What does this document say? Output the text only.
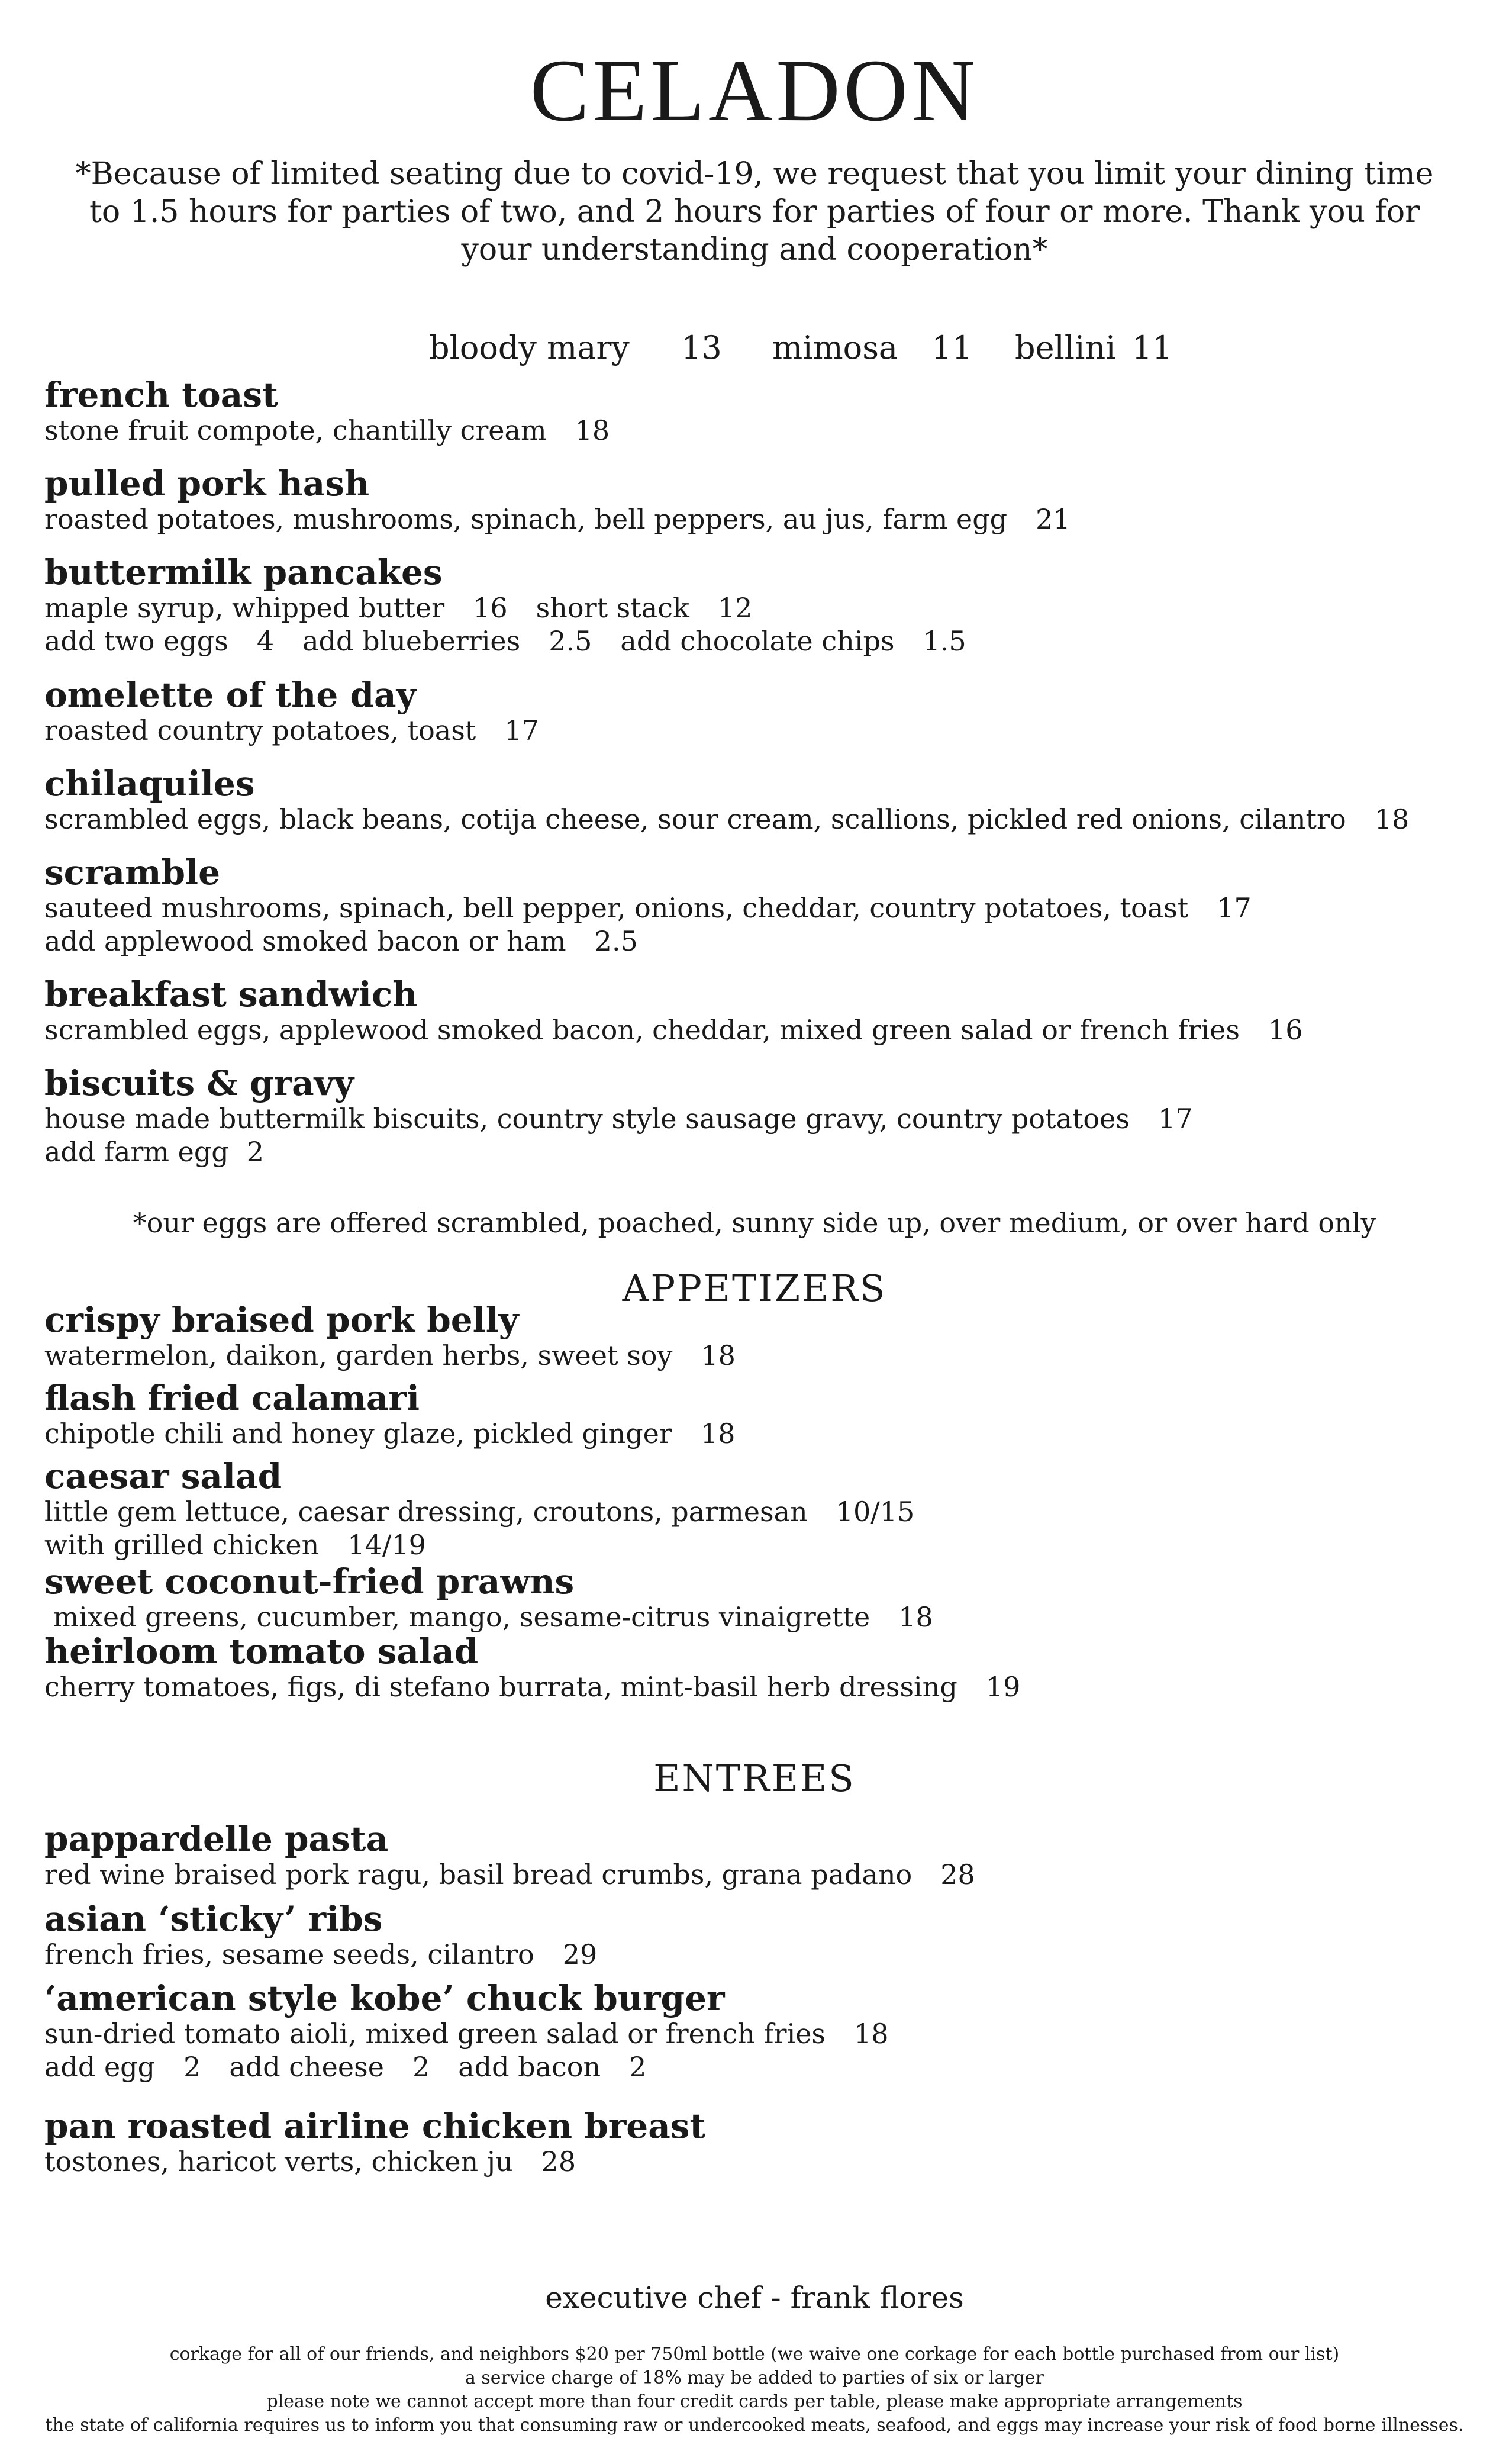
CELADON
*Because of limited seating due to covid-19, we request that you limit your dining time to 1.5 hours for parties of two, and 2 hours for parties of four or more. Thank you for your understanding and cooperation*
bloody mary 13 mimosa 11 bellini 11
french toast
stone fruit compote, chantilly cream 18
pulled pork hash
roasted potatoes, mushrooms, spinach, bell peppers, au jus, farm egg 21
buttermilk pancakes
maple syrup, whipped butter 16 short stack 12
add two eggs 4 add blueberries 2.5 add chocolate chips 1.5
omelette of the day
roasted country potatoes, toast 17
chilaquiles
scrambled eggs, black beans, cotija cheese, sour cream, scallions, pickled red onions, cilantro 18
scramble
sauteed mushrooms, spinach, bell pepper, onions, cheddar, country potatoes, toast 17
add applewood smoked bacon or ham 2.5
breakfast sandwich
scrambled eggs, applewood smoked bacon, cheddar, mixed green salad or french fries 16
biscuits & gravy
house made buttermilk biscuits, country style sausage gravy, country potatoes 17
add farm egg 2
*our eggs are offered scrambled, poached, sunny side up, over medium, or over hard only
APPETIZERS
crispy braised pork belly
watermelon, daikon, garden herbs, sweet soy 18
flash fried calamari
chipotle chili and honey glaze, pickled ginger 18
caesar salad
little gem lettuce, caesar dressing, croutons, parmesan 10/15
with grilled chicken 14/19
sweet coconut-fried prawns
mixed greens, cucumber, mango, sesame-citrus vinaigrette 18
heirloom tomato salad
cherry tomatoes, figs, di stefano burrata, mint-basil herb dressing 19
ENTREES
pappardelle pasta
red wine braised pork ragu, basil bread crumbs, grana padano 28
asian ‘sticky’ ribs
french fries, sesame seeds, cilantro 29
‘american style kobe’ chuck burger
sun-dried tomato aioli, mixed green salad or french fries 18
add egg 2 add cheese 2 add bacon 2
pan roasted airline chicken breast
tostones, haricot verts, chicken ju 28
executive chef - frank flores
corkage for all of our friends, and neighbors $20 per 750ml bottle (we waive one corkage for each bottle purchased from our list)
a service charge of 18% may be added to parties of six or larger
please note we cannot accept more than four credit cards per table, please make appropriate arrangements
the state of california requires us to inform you that consuming raw or undercooked meats, seafood, and eggs may increase your risk of food borne illnesses.
